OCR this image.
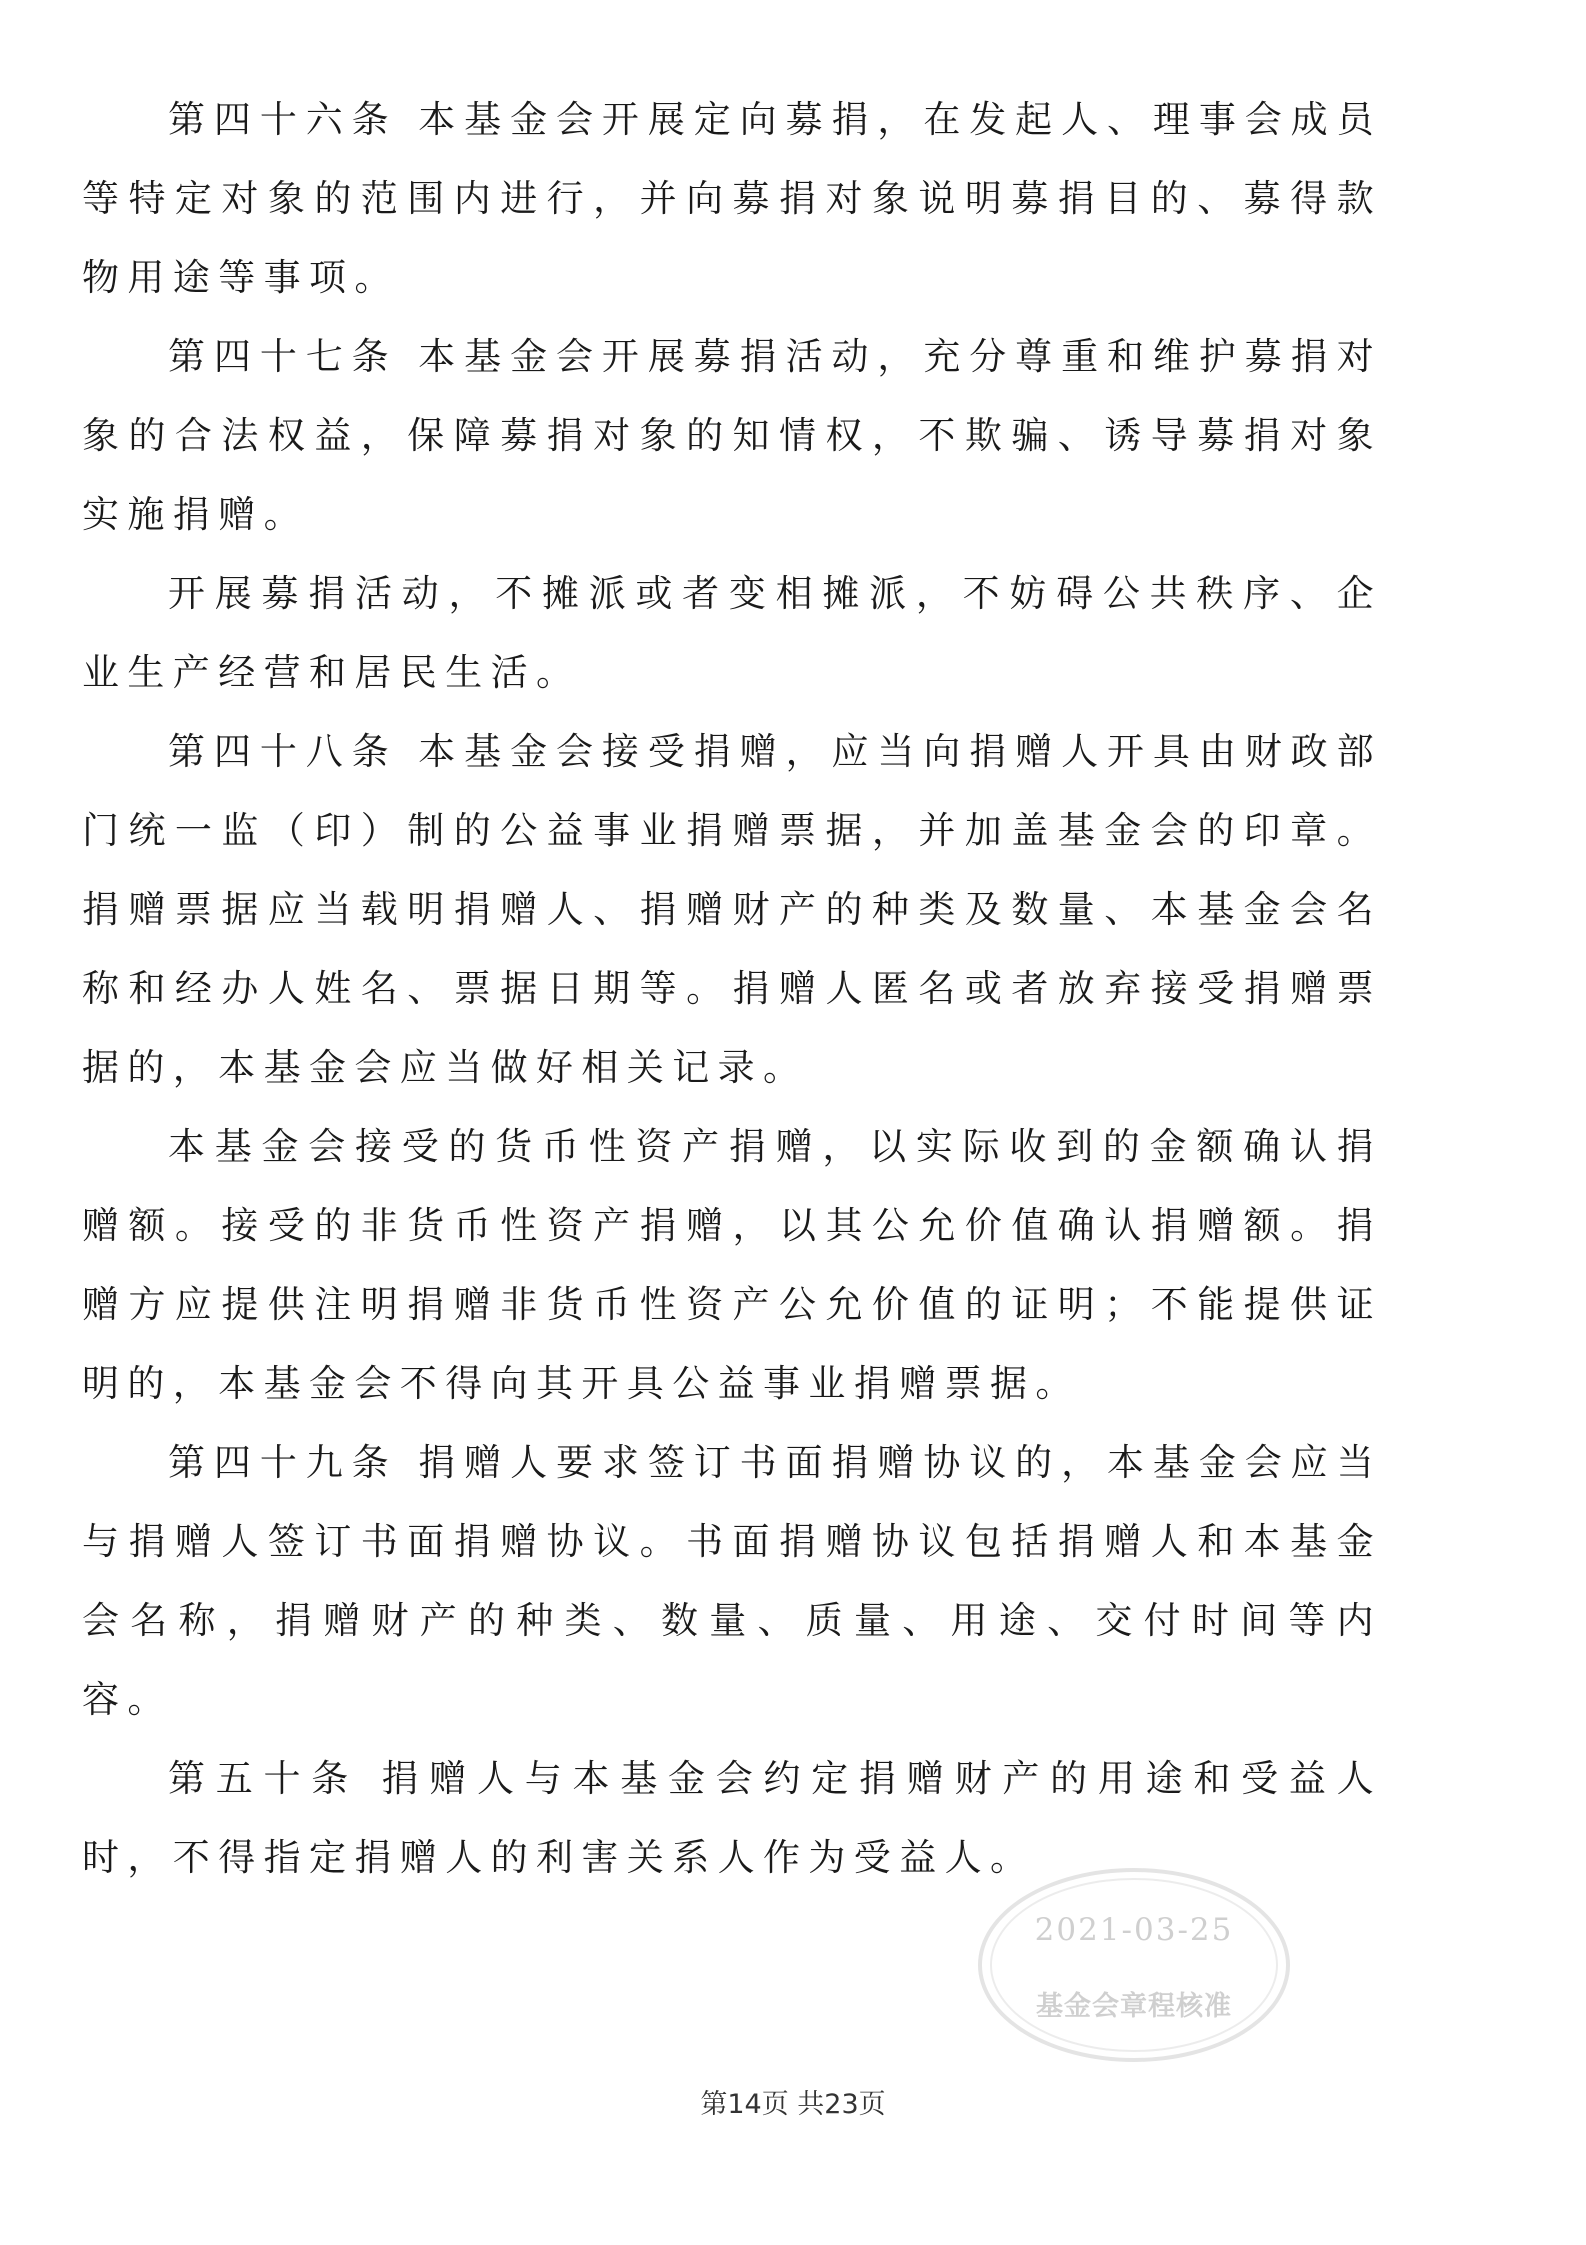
第四十六条 本基金会开展定向募捐，在发起人、理事会成员等特定对象的范围内进行，并向募捐对象说明募捐目的、募得款物用途等事项。

第四十七条 本基金会开展募捐活动，充分尊重和维护募捐对象的合法权益，保障募捐对象的知情权，不欺骗、诱导募捐对象实施捐赠。

开展募捐活动，不摊派或者变相摊派，不妨碍公共秩序、企业生产经营和居民生活。

第四十八条 本基金会接受捐赠，应当向捐赠人开具由财政部门统一监（印）制的公益事业捐赠票据，并加盖基金会的印章。捐赠票据应当载明捐赠人、捐赠财产的种类及数量、本基金会名称和经办人姓名、票据日期等。捐赠人匿名或者放弃接受捐赠票据的，本基金会应当做好相关记录。

本基金会接受的货币性资产捐赠，以实际收到的金额确认捐赠额。接受的非货币性资产捐赠，以其公允价值确认捐赠额。捐赠方应提供注明捐赠非货币性资产公允价值的证明；不能提供证明的，本基金会不得向其开具公益事业捐赠票据。

第四十九条 捐赠人要求签订书面捐赠协议的，本基金会应当与捐赠人签订书面捐赠协议。书面捐赠协议包括捐赠人和本基金会名称，捐赠财产的种类、数量、质量、用途、交付时间等内容。

第五十条 捐赠人与本基金会约定捐赠财产的用途和受益人时，不得指定捐赠人的利害关系人作为受益人。

2021-03-25
基金会章程核准
第14页 共23页
